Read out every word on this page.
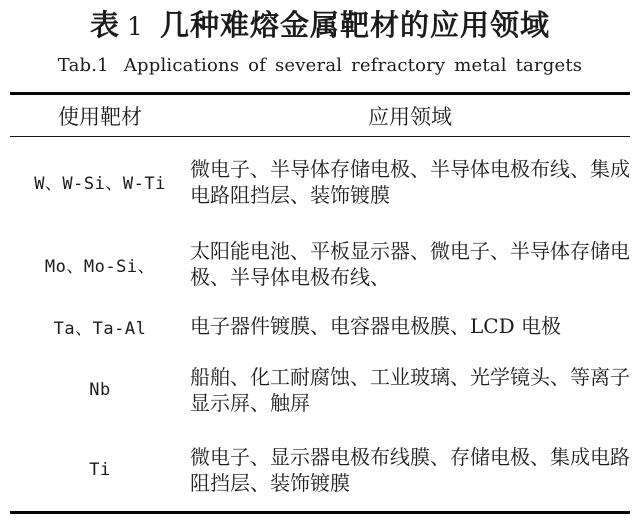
表 1 几种难熔金属靶材的应用领域
Tab.1 Applications of several refractory metal targets
使用靶材	应用领域
W、W-Si、W-Ti	微电子、半导体存储电极、半导体电极布线、集成电路阻挡层、装饰镀膜
Mo、Mo-Si、	太阳能电池、平板显示器、微电子、半导体存储电极、半导体电极布线、
Ta、Ta-Al	电子器件镀膜、电容器电极膜、LCD 电极
Nb	船舶、化工耐腐蚀、工业玻璃、光学镜头、等离子显示屏、触屏
Ti	微电子、显示器电极布线膜、存储电极、集成电路阻挡层、装饰镀膜
